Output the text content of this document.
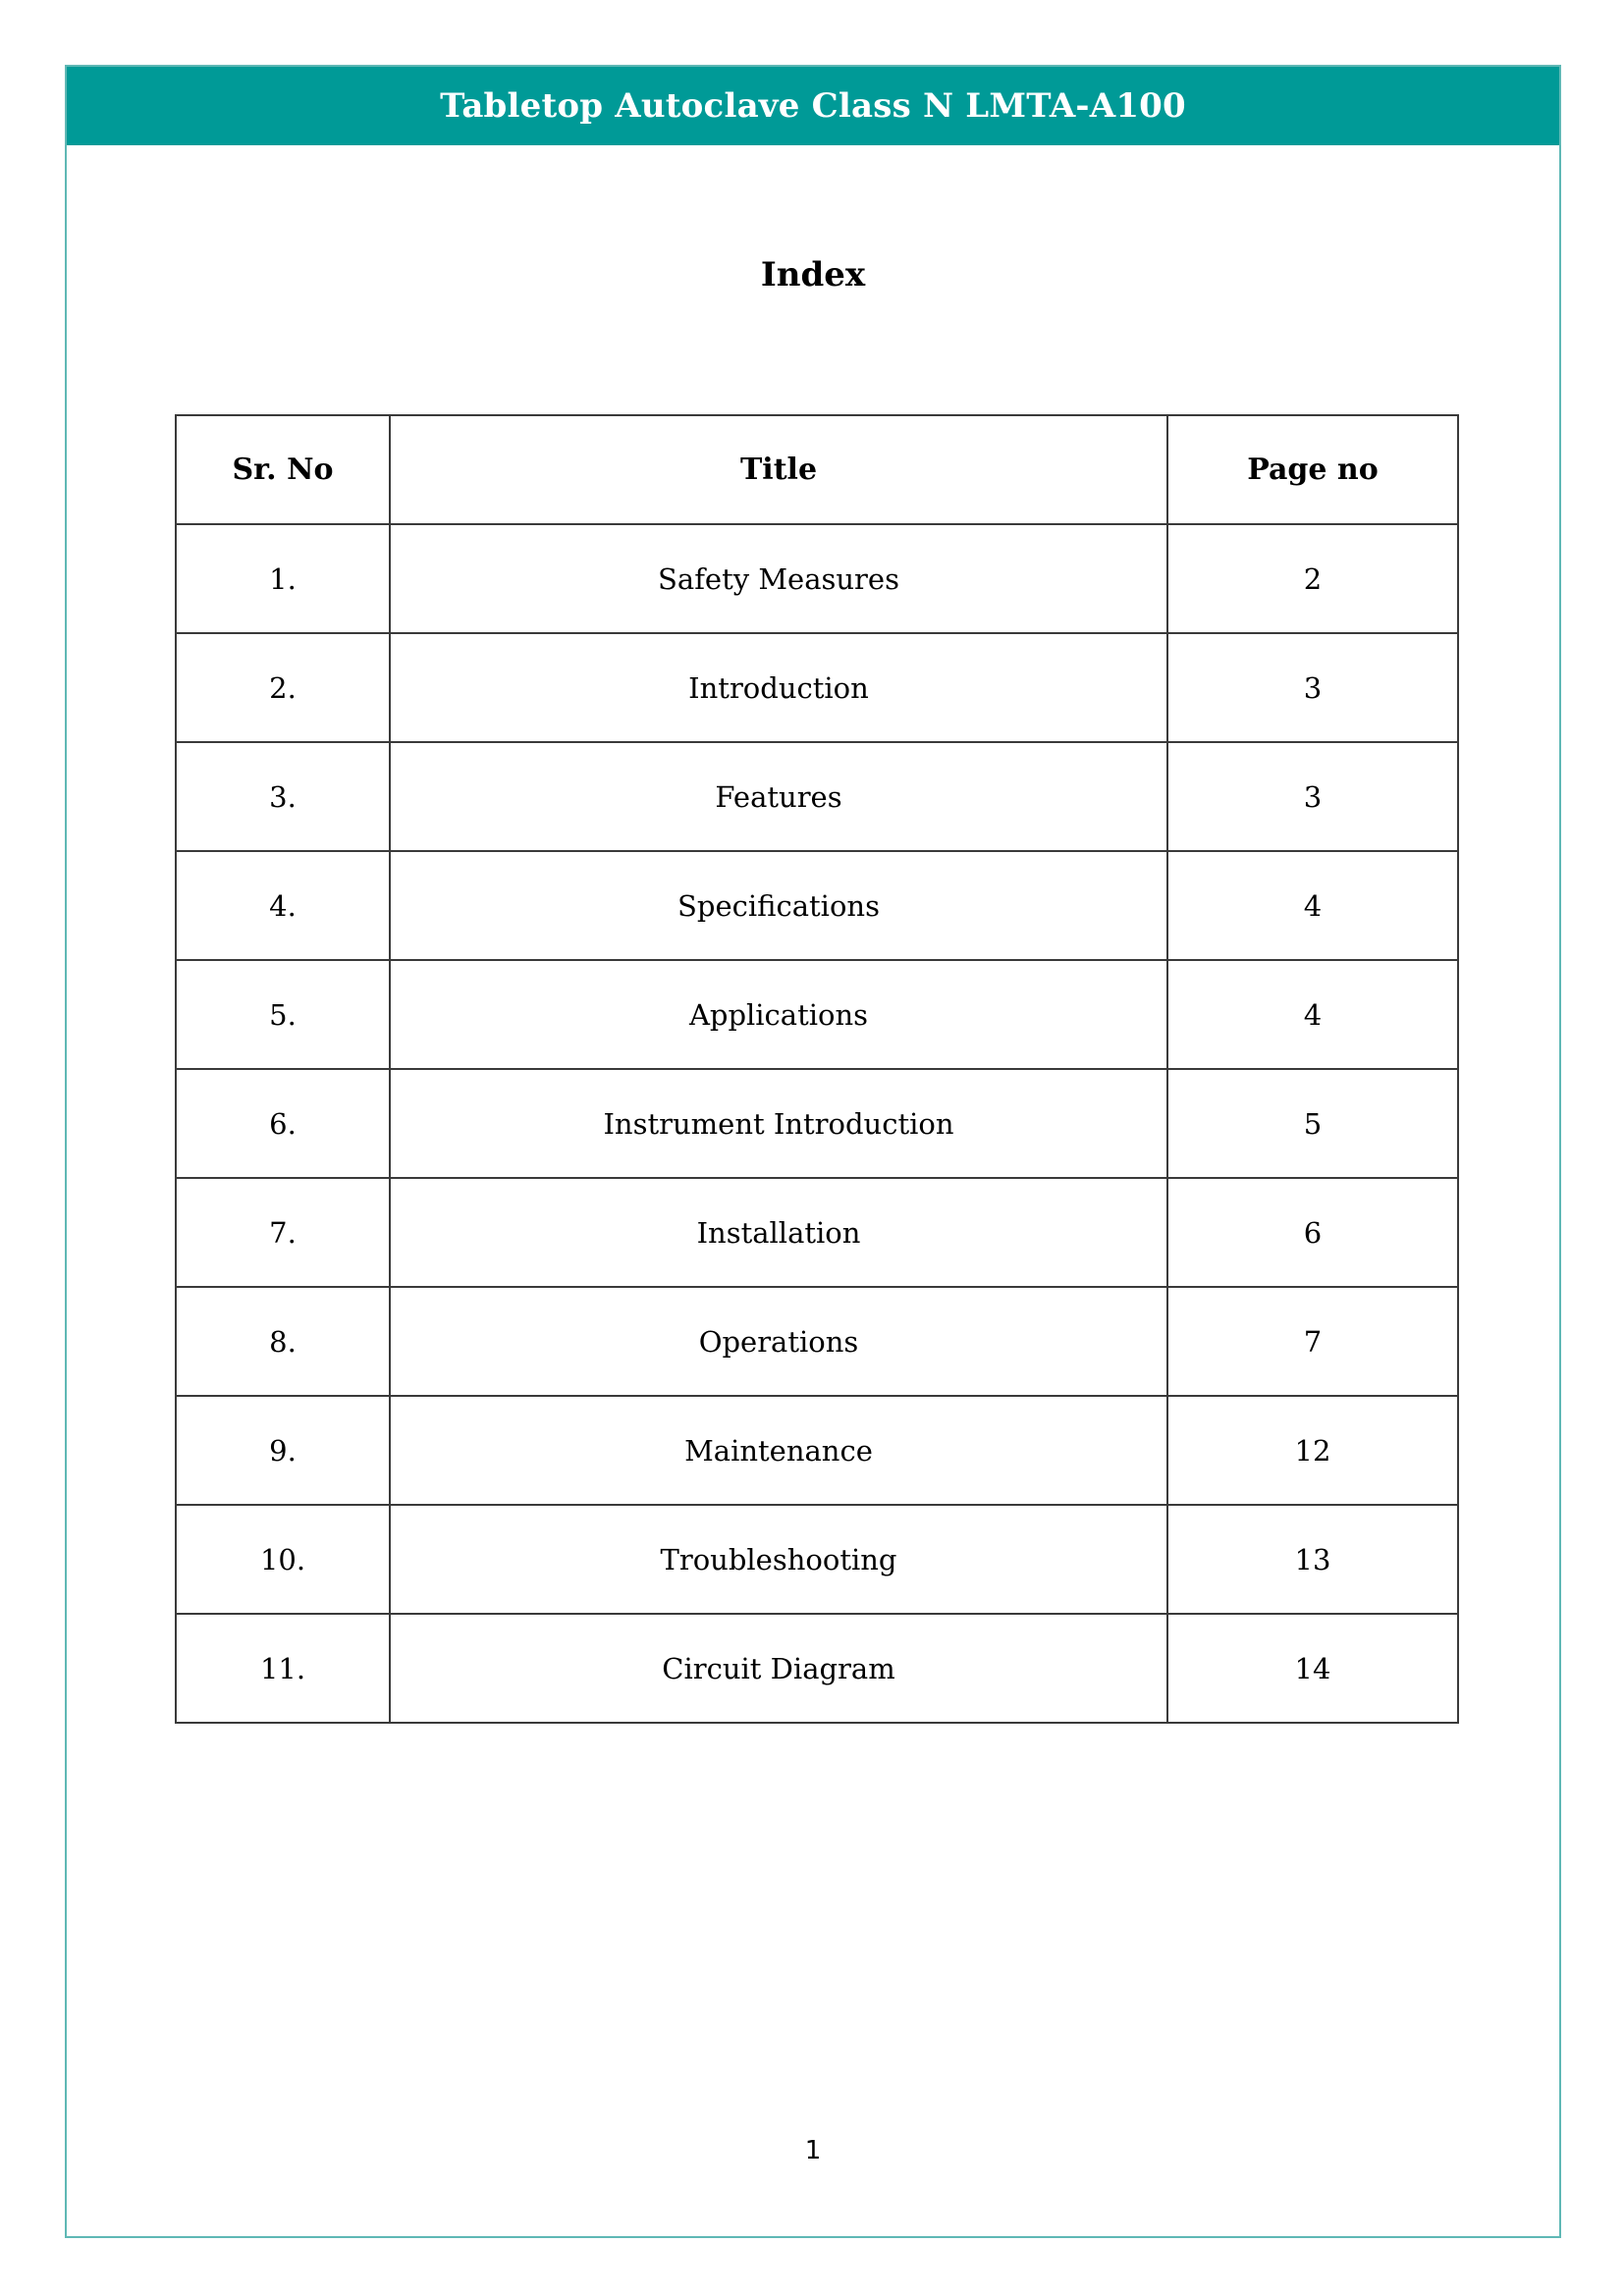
Tabletop Autoclave Class N LMTA-A100
Index
Sr. No	Title	Page no
1.	Safety Measures	2
2.	Introduction	3
3.	Features	3
4.	Specifications	4
5.	Applications	4
6.	Instrument Introduction	5
7.	Installation	6
8.	Operations	7
9.	Maintenance	12
10.	Troubleshooting	13
11.	Circuit Diagram	14
1
